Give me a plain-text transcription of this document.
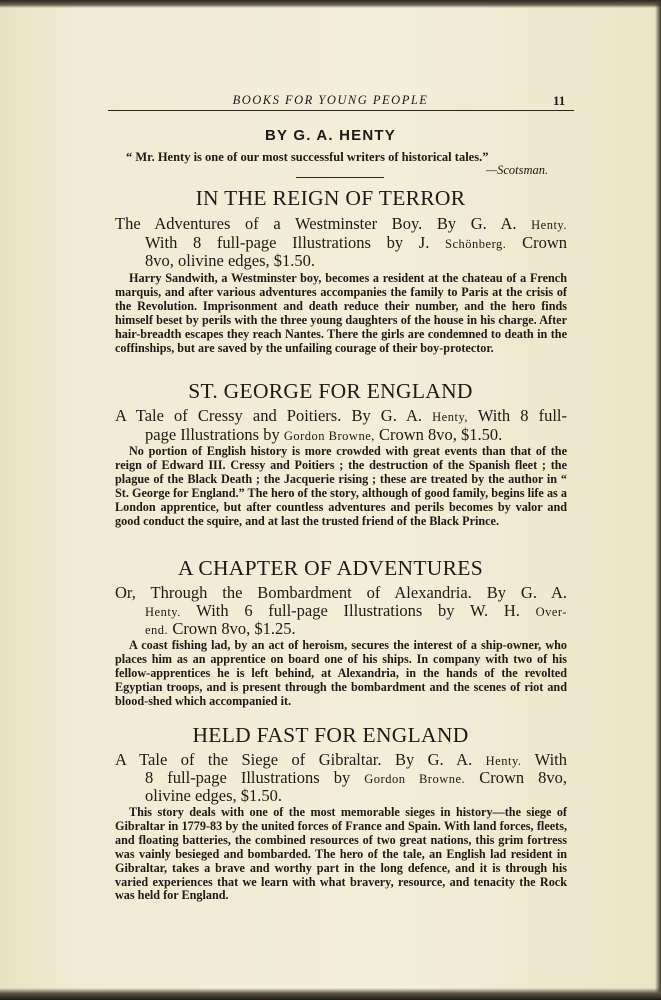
BOOKS FOR YOUNG PEOPLE	11
BY G. A. HENTY
“ Mr. Henty is one of our most successful writers of historical tales.”
—Scotsman.
IN THE REIGN OF TERROR
The Adventures of a Westminster Boy. By G. A. Henty.
With 8 full-page Illustrations by J. Schönberg. Crown
8vo, olivine edges, $1.50.

Harry Sandwith, a Westminster boy, becomes a resident at the chateau of a French marquis, and after various adventures accompanies the family to Paris at the crisis of the Revolution. Imprisonment and death reduce their number, and the hero finds himself beset by perils with the three young daughters of the house in his charge. After hair-breadth escapes they reach Nantes. There the girls are condemned to death in the coffinships, but are saved by the unfailing courage of their boy-protector.

ST. GEORGE FOR ENGLAND
A Tale of Cressy and Poitiers. By G. A. Henty, With 8 full-
page Illustrations by Gordon Browne, Crown 8vo, $1.50.

No portion of English history is more crowded with great events than that of the reign of Edward III. Cressy and Poitiers ; the destruction of the Spanish fleet ; the plague of the Black Death ; the Jacquerie rising ; these are treated by the author in “ St. George for England.” The hero of the story, although of good family, begins life as a London apprentice, but after countless adventures and perils becomes by valor and good conduct the squire, and at last the trusted friend of the Black Prince.

A CHAPTER OF ADVENTURES
Or, Through the Bombardment of Alexandria. By G. A.
Henty. With 6 full-page Illustrations by W. H. Over-
end. Crown 8vo, $1.25.

A coast fishing lad, by an act of heroism, secures the interest of a ship-owner, who places him as an apprentice on board one of his ships. In company with two of his fellow-apprentices he is left behind, at Alexandria, in the hands of the revolted Egyptian troops, and is present through the bombardment and the scenes of riot and blood-shed which accompanied it.

HELD FAST FOR ENGLAND
A Tale of the Siege of Gibraltar. By G. A. Henty. With
8 full-page Illustrations by Gordon Browne. Crown 8vo,
olivine edges, $1.50.

This story deals with one of the most memorable sieges in history—the siege of Gibraltar in 1779-83 by the united forces of France and Spain. With land forces, fleets, and floating batteries, the combined resources of two great nations, this grim fortress was vainly besieged and bombarded. The hero of the tale, an English lad resident in Gibraltar, takes a brave and worthy part in the long defence, and it is through his varied experiences that we learn with what bravery, resource, and tenacity the Rock was held for England.
